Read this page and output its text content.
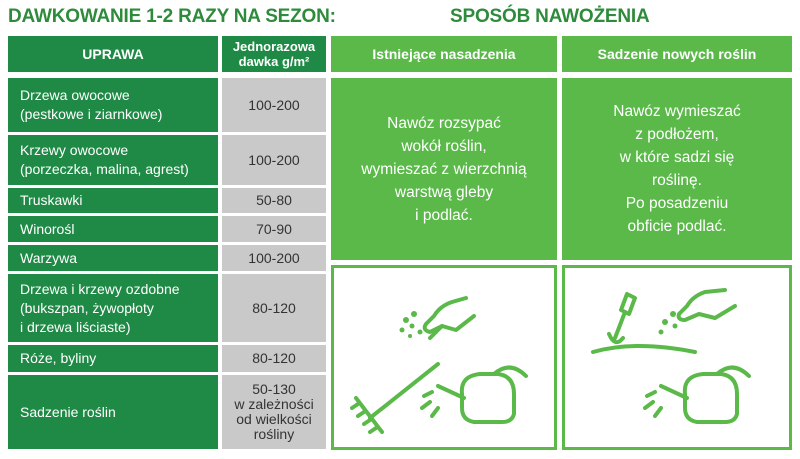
DAWKOWANIE 1-2 RAZY NA SEZON:	SPOSÓB NAWOŻENIA
UPRAWA	Jednorazowa
dawka g/m²
Drzewa owocowe
(pestkowe i ziarnkowe)
100-200
Krzewy owocowe
(porzeczka, malina, agrest)
100-200
Truskawki	50-80
Winorośl	70-90
Warzywa	100-200
Drzewa i krzewy ozdobne
(bukszpan, żywopłoty
i drzewa liściaste)
80-120
Róże, byliny	80-120
Sadzenie roślin
50-130
w zależności
od wielkości
rośliny
Istniejące nasadzenia	Sadzenie nowych roślin
Nawóz rozsypać
wokół roślin,
wymieszać z wierzchnią
warstwą gleby
i podlać.
Nawóz wymieszać
z podłożem,
w które sadzi się
roślinę.
Po posadzeniu
obficie podlać.
